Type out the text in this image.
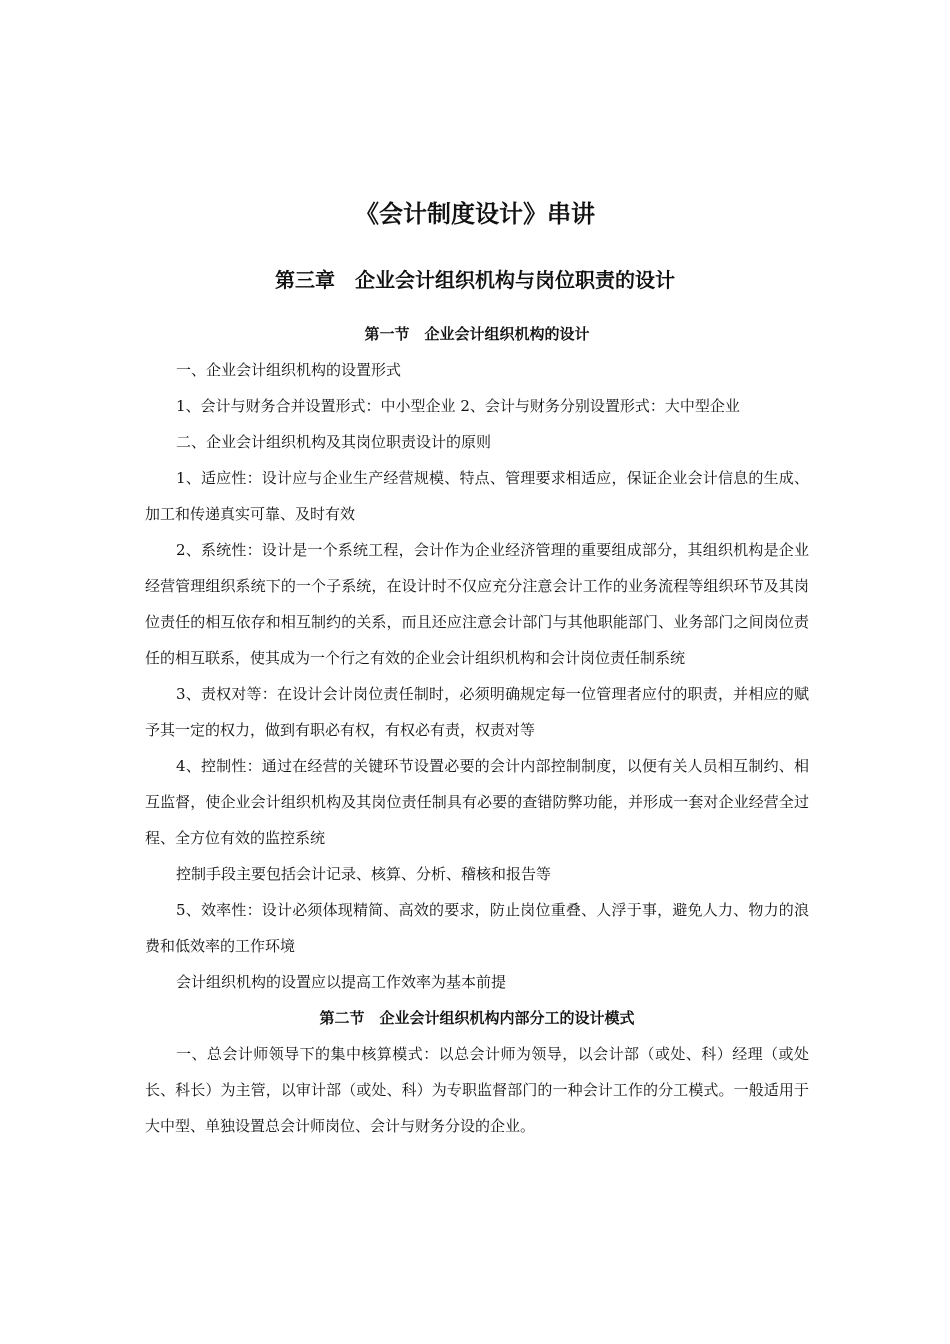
《会计制度设计》串讲
第三章　企业会计组织机构与岗位职责的设计
第一节　企业会计组织机构的设计

一、企业会计组织机构的设置形式

1、会计与财务合并设置形式：中小型企业 2、会计与财务分别设置形式：大中型企业

二、企业会计组织机构及其岗位职责设计的原则

1、适应性：设计应与企业生产经营规模、特点、管理要求相适应，保证企业会计信息的生成、加工和传递真实可靠、及时有效

2、系统性：设计是一个系统工程，会计作为企业经济管理的重要组成部分，其组织机构是企业经营管理组织系统下的一个子系统，在设计时不仅应充分注意会计工作的业务流程等组织环节及其岗位责任的相互依存和相互制约的关系，而且还应注意会计部门与其他职能部门、业务部门之间岗位责任的相互联系，使其成为一个行之有效的企业会计组织机构和会计岗位责任制系统

3、责权对等：在设计会计岗位责任制时，必须明确规定每一位管理者应付的职责，并相应的赋予其一定的权力，做到有职必有权，有权必有责，权责对等

4、控制性：通过在经营的关键环节设置必要的会计内部控制制度，以便有关人员相互制约、相互监督，使企业会计组织机构及其岗位责任制具有必要的查错防弊功能，并形成一套对企业经营全过程、全方位有效的监控系统

控制手段主要包括会计记录、核算、分析、稽核和报告等

5、效率性：设计必须体现精简、高效的要求，防止岗位重叠、人浮于事，避免人力、物力的浪费和低效率的工作环境

会计组织机构的设置应以提高工作效率为基本前提

第二节　企业会计组织机构内部分工的设计模式

一、总会计师领导下的集中核算模式：以总会计师为领导，以会计部（或处、科）经理（或处长、科长）为主管，以审计部（或处、科）为专职监督部门的一种会计工作的分工模式。一般适用于大中型、单独设置总会计师岗位、会计与财务分设的企业。
